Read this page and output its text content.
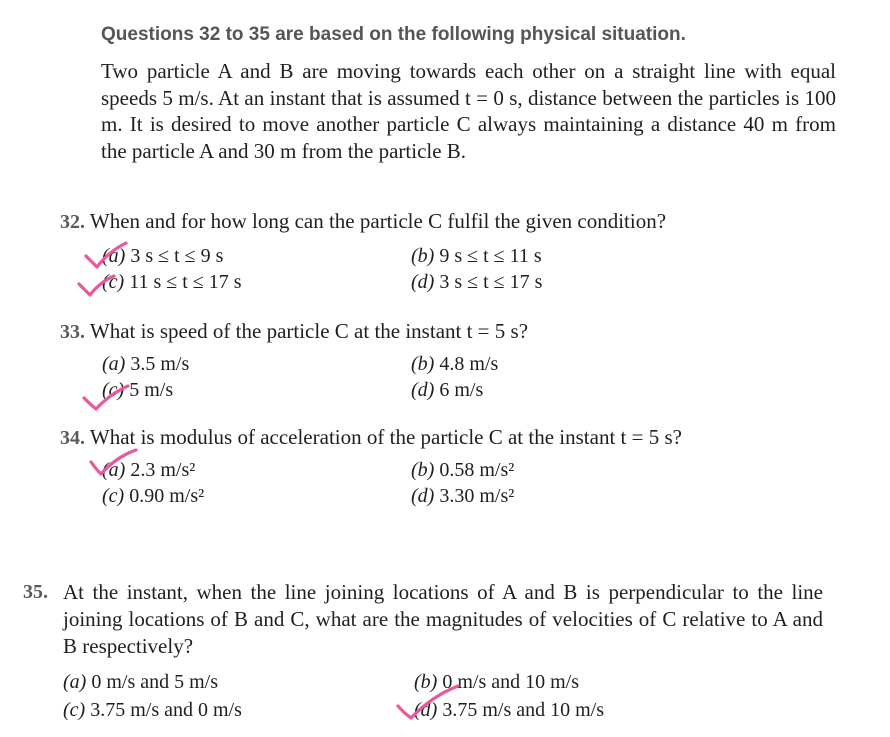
Questions 32 to 35 are based on the following physical situation.

Two particle A and B are moving towards each other on a straight line with equal speeds 5 m/s. At an instant that is assumed t = 0 s, distance between the particles is 100 m. It is desired to move another particle C always maintaining a distance 40 m from the particle A and 30 m from the particle B.

32. When and for how long can the particle C fulfil the given condition?
(a) 3 s ≤ t ≤ 9 s	(b) 9 s ≤ t ≤ 11 s
(c) 11 s ≤ t ≤ 17 s	(d) 3 s ≤ t ≤ 17 s
33. What is speed of the particle C at the instant t = 5 s?
(a) 3.5 m/s	(b) 4.8 m/s
(c) 5 m/s	(d) 6 m/s
34. What is modulus of acceleration of the particle C at the instant t = 5 s?
(a) 2.3 m/s²	(b) 0.58 m/s²
(c) 0.90 m/s²	(d) 3.30 m/s²
35. At the instant, when the line joining locations of A and B is perpendicular to the line joining locations of B and C, what are the magnitudes of velocities of C relative to A and B respectively?
(a) 0 m/s and 5 m/s	(b) 0 m/s and 10 m/s
(c) 3.75 m/s and 0 m/s	(d) 3.75 m/s and 10 m/s
